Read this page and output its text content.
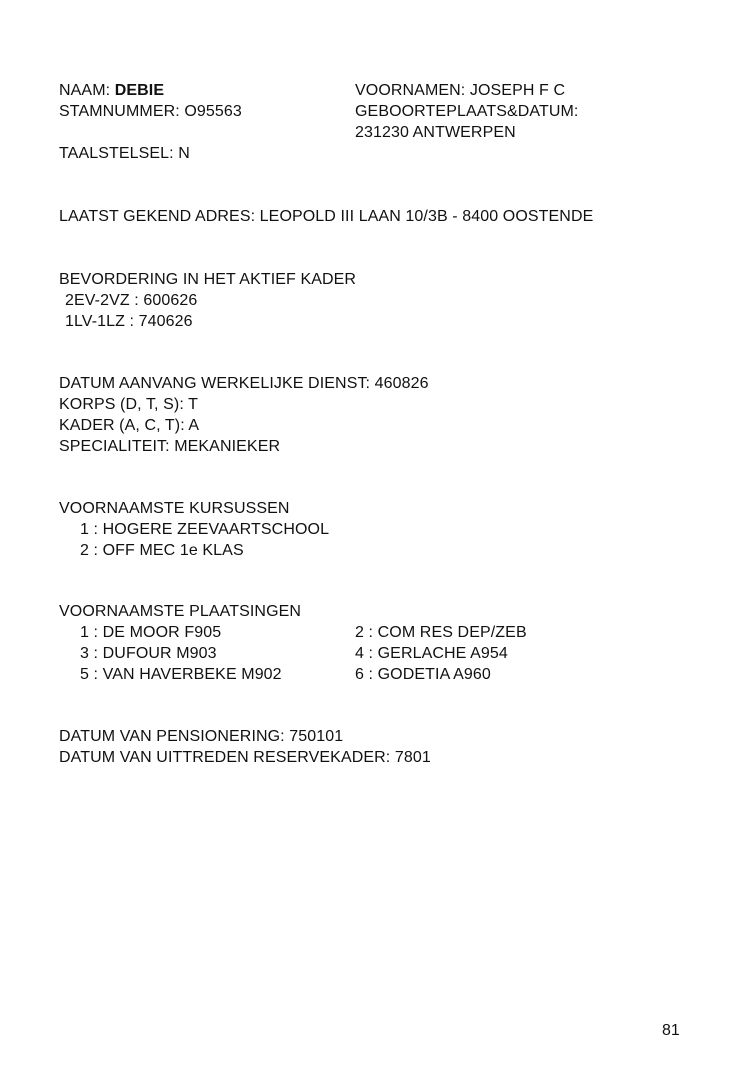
NAAM: DEBIE
STAMNUMMER: O95563
VOORNAMEN: JOSEPH F C
GEBOORTEPLAATS&DATUM:
231230 ANTWERPEN
TAALSTELSEL: N
LAATST GEKEND ADRES: LEOPOLD III LAAN 10/3B - 8400 OOSTENDE
BEVORDERING IN HET AKTIEF KADER
2EV-2VZ : 600626
1LV-1LZ : 740626
DATUM AANVANG WERKELIJKE DIENST: 460826
KORPS (D, T, S): T
KADER (A, C, T): A
SPECIALITEIT: MEKANIEKER
VOORNAAMSTE KURSUSSEN
1 : HOGERE ZEEVAARTSCHOOL
2 : OFF MEC 1e KLAS
VOORNAAMSTE PLAATSINGEN
1 : DE MOOR F905
3 : DUFOUR M903
5 : VAN HAVERBEKE M902
2 : COM RES DEP/ZEB
4 : GERLACHE A954
6 : GODETIA A960
DATUM VAN PENSIONERING: 750101
DATUM VAN UITTREDEN RESERVEKADER: 7801
81
